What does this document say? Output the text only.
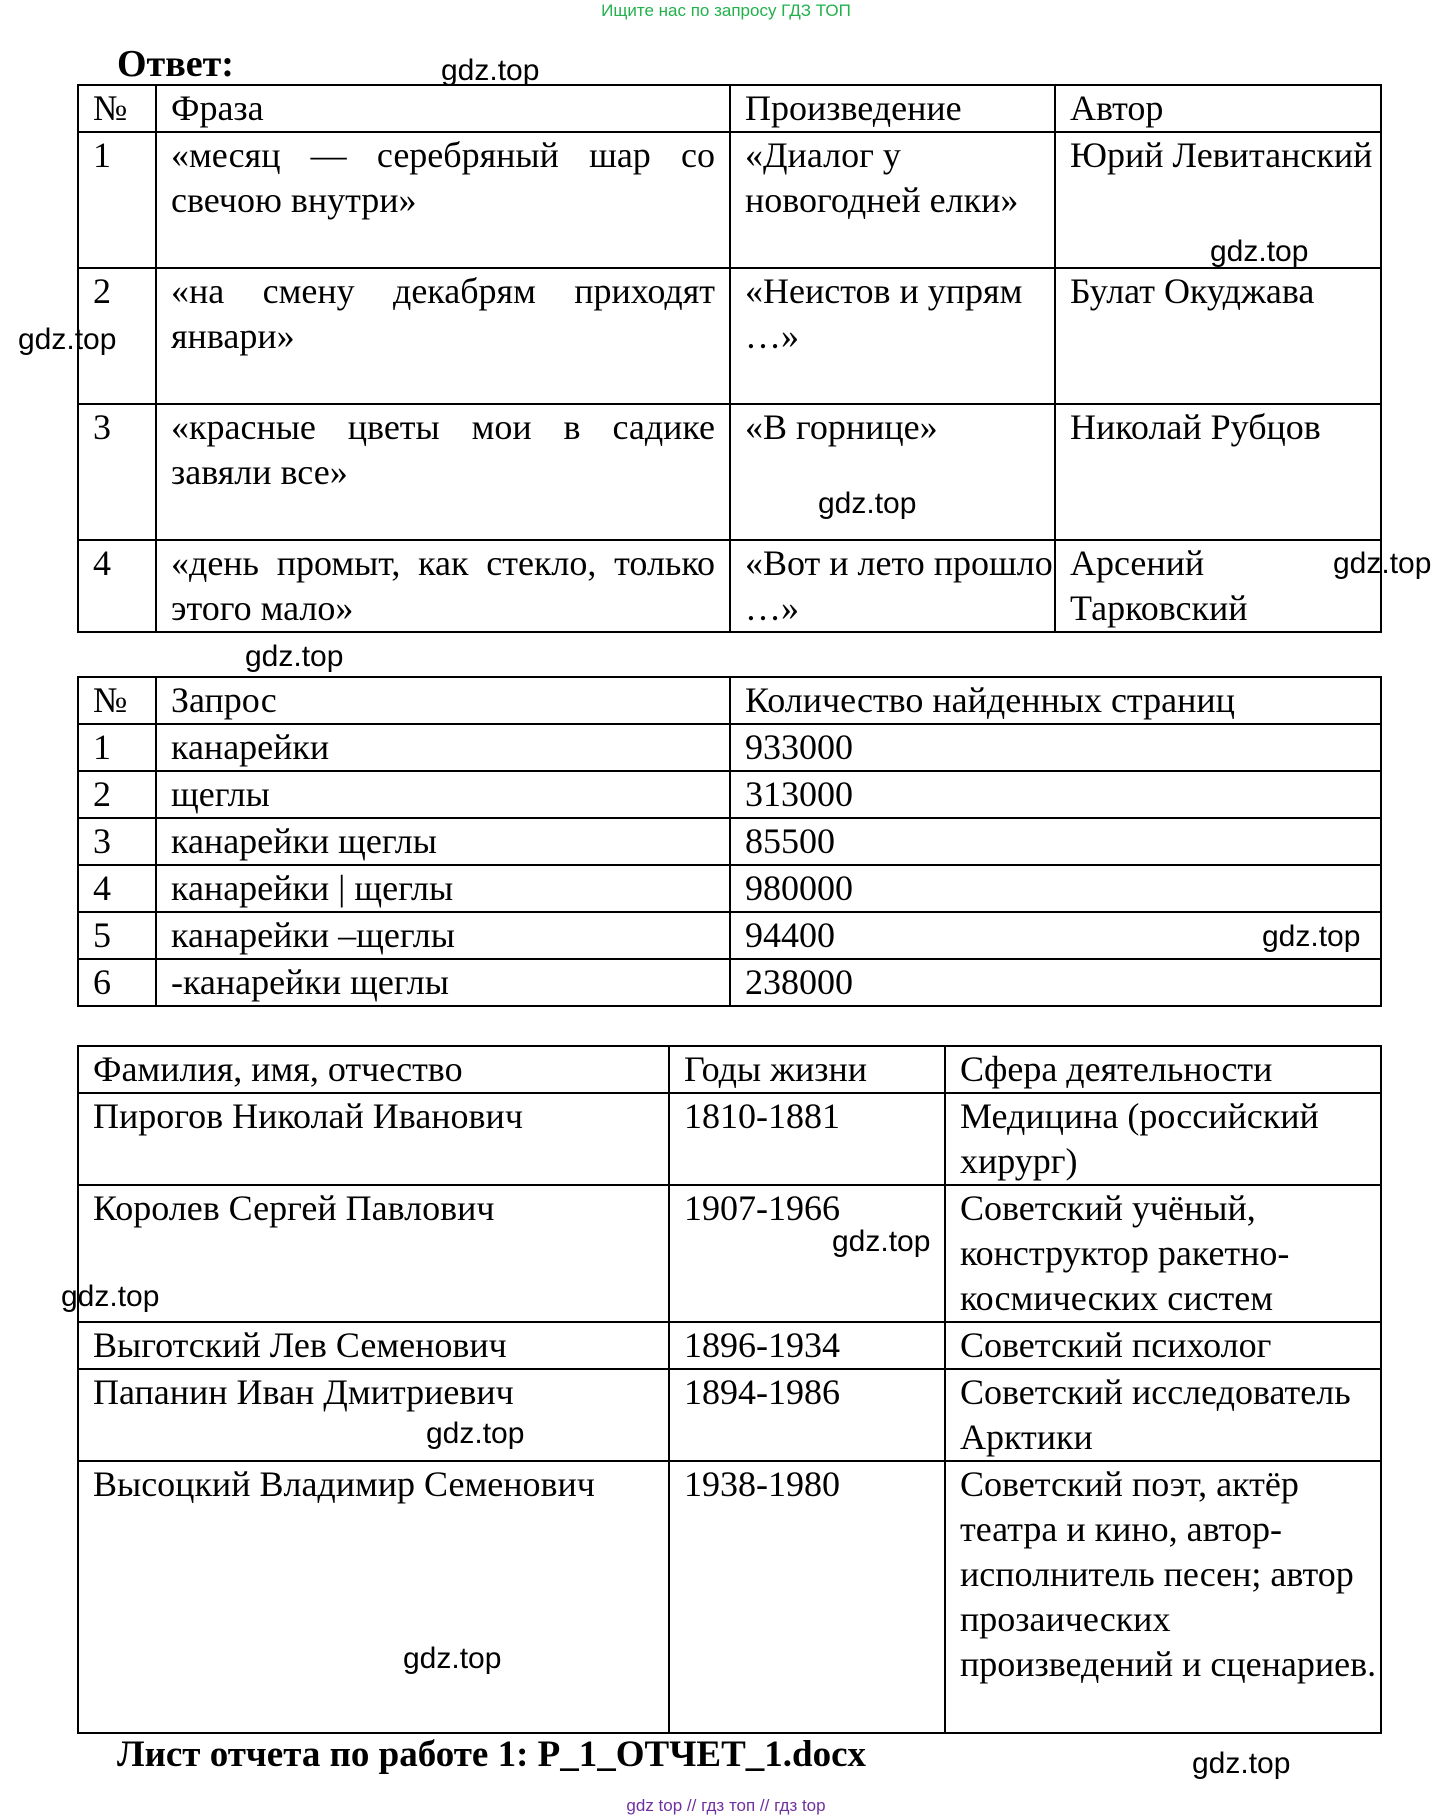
Ищите нас по запросу ГДЗ ТОП
Ответ:
№	Фраза	Произведение	Автор
1	«месяц — серебряный шар со свечою внутри»	«Диалог у новогодней елки»	Юрий Левитанский
2	«на смену декабрям приходят январи»	«Неистов и упрям …»	Булат Окуджава
3	«красные цветы мои в садике завяли все»	«В горнице»	Николай Рубцов
4	«день промыт, как стекло, только этого мало»	«Вот и лето прошло …»	Арсений Тарковский
№	Запрос	Количество найденных страниц
1	канарейки	933000
2	щеглы	313000
3	канарейки щеглы	85500
4	канарейки | щеглы	980000
5	канарейки –щеглы	94400
6	-канарейки щеглы	238000
Фамилия, имя, отчество	Годы жизни	Сфера деятельности
Пирогов Николай Иванович	1810-1881	Медицина (российский хирург)
Королев Сергей Павлович	1907-1966	Советский учёный, конструктор ракетно-космических систем
Выготский Лев Семенович	1896-1934	Советский психолог
Папанин Иван Дмитриевич	1894-1986	Советский исследователь Арктики
Высоцкий Владимир Семенович	1938-1980	Советский поэт, актёр театра и кино, автор-исполнитель песен; автор прозаических произведений и сценариев.
Лист отчета по работе 1: P_1_ОТЧЕТ_1.docx
gdz.top
gdz.top
gdz.top
gdz.top
gdz.top
gdz.top
gdz.top
gdz.top
gdz.top
gdz.top
gdz.top
gdz.top
gdz top // гдз топ // гдз top
